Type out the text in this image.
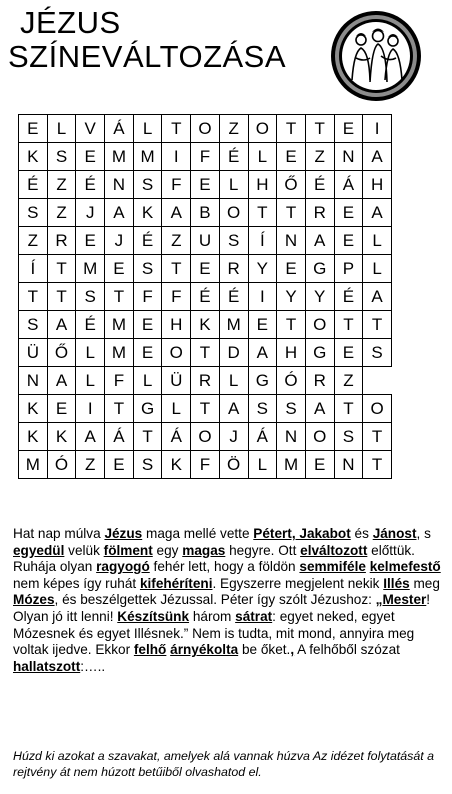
JÉZUS
SZÍNEVÁLTOZÁSA
E	L	V	Á	L	T	O	Z	O	T	T	E	I
K	S	E	M	M	I	F	É	L	E	Z	N	A
É	Z	É	N	S	F	E	L	H	Ő	É	Á	H
S	Z	J	A	K	A	B	O	T	T	R	E	A
Z	R	E	J	É	Z	U	S	Í	N	A	E	L
Í	T	M	E	S	T	E	R	Y	E	G	P	L
T	T	S	T	F	F	É	É	I	Y	Y	É	A
S	A	É	M	E	H	K	M	E	T	O	T	T
Ü	Ő	L	M	E	O	T	D	A	H	G	E	S
N	A	L	F	L	Ü	R	L	G	Ó	R	Z	
K	E	I	T	G	L	T	A	S	S	A	T	O
K	K	A	Á	T	Á	O	J	Á	N	O	S	T
M	Ó	Z	E	S	K	F	Ö	L	M	E	N	T
Hat nap múlva Jézus maga mellé vette Pétert, Jakabot és Jánost, s egyedül velük fölment egy magas hegyre. Ott elváltozott előttük. Ruhája olyan ragyogó fehér lett, hogy a földön semmiféle kelmefestő nem képes így ruhát kifehéríteni. Egyszerre megjelent nekik Illés meg Mózes, és beszélgettek Jézussal. Péter így szólt Jézushoz: „Mester! Olyan jó itt lenni! Készítsünk három sátrat: egyet neked, egyet Mózesnek és egyet Illésnek.” Nem is tudta, mit mond, annyira meg voltak ijedve. Ekkor felhő árnyékolta be őket., A felhőből szózat hallatszott:…..
Húzd ki azokat a szavakat, amelyek alá vannak húzva Az idézet folytatását a rejtvény át nem húzott betűiből olvashatod el.
